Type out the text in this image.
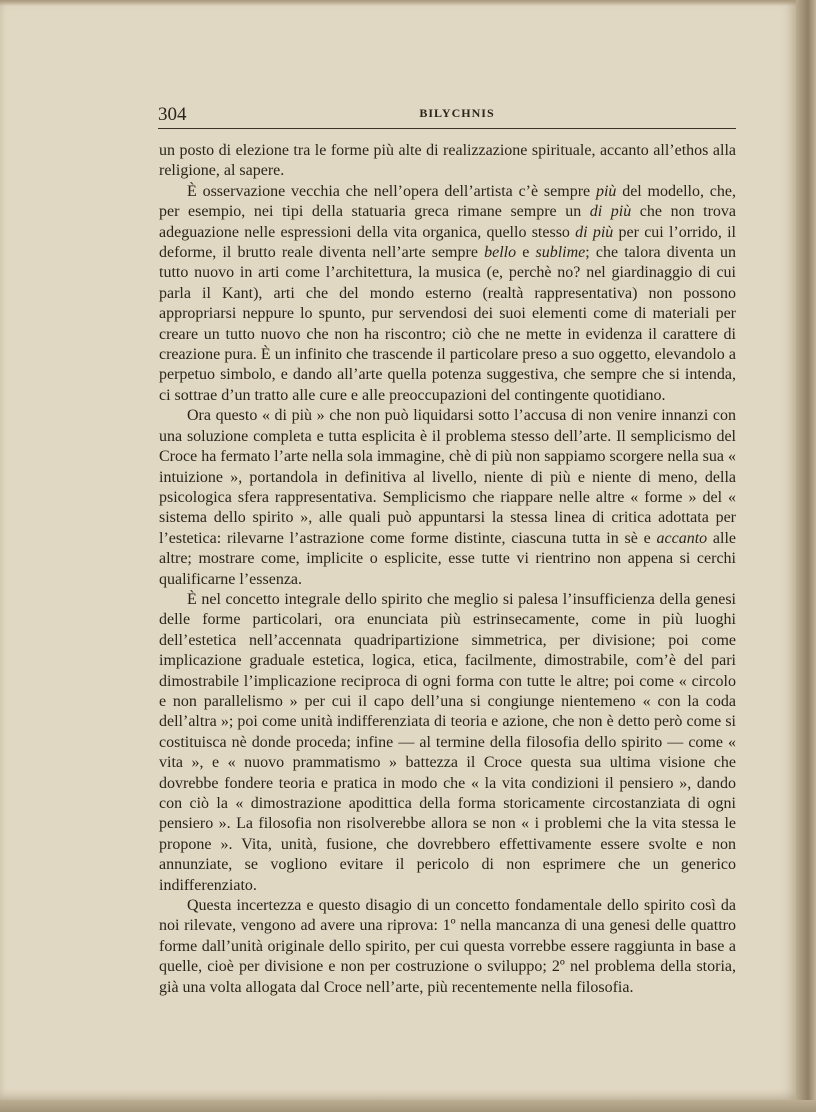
304	BILYCHNIS

un posto di elezione tra le forme più alte di realizzazione spirituale, accanto all’ethos alla religione, al sapere.

È osservazione vecchia che nell’opera dell’artista c’è sempre più del modello, che, per esempio, nei tipi della statuaria greca rimane sempre un di più che non trova adeguazione nelle espressioni della vita organica, quello stesso di più per cui l’orrido, il deforme, il brutto reale diventa nell’arte sempre bello e sublime; che talora diventa un tutto nuovo in arti come l’architettura, la musica (e, perchè no? nel giardinaggio di cui parla il Kant), arti che del mondo esterno (realtà rappresentativa) non possono appropriarsi neppure lo spunto, pur servendosi dei suoi elementi come di materiali per creare un tutto nuovo che non ha riscontro; ciò che ne mette in evidenza il carattere di creazione pura. È un infinito che trascende il particolare preso a suo oggetto, elevandolo a perpetuo simbolo, e dando all’arte quella potenza suggestiva, che sempre che si intenda, ci sottrae d’un tratto alle cure e alle preoccupazioni del contingente quotidiano.

Ora questo « di più » che non può liquidarsi sotto l’accusa di non venire innanzi con una soluzione completa e tutta esplicita è il problema stesso dell’arte. Il semplicismo del Croce ha fermato l’arte nella sola immagine, chè di più non sappiamo scorgere nella sua « intuizione », portandola in definitiva al livello, niente di più e niente di meno, della psicologica sfera rappresentativa. Semplicismo che riappare nelle altre « forme » del « sistema dello spirito », alle quali può appuntarsi la stessa linea di critica adottata per l’estetica: rilevarne l’astrazione come forme distinte, ciascuna tutta in sè e accanto alle altre; mostrare come, implicite o esplicite, esse tutte vi rientrino non appena si cerchi qualificarne l’essenza.

È nel concetto integrale dello spirito che meglio si palesa l’insufficienza della genesi delle forme particolari, ora enunciata più estrinsecamente, come in più luoghi dell’estetica nell’accennata quadripartizione simmetrica, per divisione; poi come implicazione graduale estetica, logica, etica, facilmente, dimostrabile, com’è del pari dimostrabile l’implicazione reciproca di ogni forma con tutte le altre; poi come « circolo e non parallelismo » per cui il capo dell’una si congiunge nientemeno « con la coda dell’altra »; poi come unità indifferenziata di teoria e azione, che non è detto però come si costituisca nè donde proceda; infine — al termine della filosofia dello spirito — come « vita », e « nuovo prammatismo » battezza il Croce questa sua ultima visione che dovrebbe fondere teoria e pratica in modo che « la vita condizioni il pensiero », dando con ciò la « dimostrazione apodittica della forma storicamente circostanziata di ogni pensiero ». La filosofia non risolverebbe allora se non « i problemi che la vita stessa le propone ». Vita, unità, fusione, che dovrebbero effettivamente essere svolte e non annunziate, se vogliono evitare il pericolo di non esprimere che un generico indifferenziato.

Questa incertezza e questo disagio di un concetto fondamentale dello spirito così da noi rilevate, vengono ad avere una riprova: 1º nella mancanza di una genesi delle quattro forme dall’unità originale dello spirito, per cui questa vorrebbe essere raggiunta in base a quelle, cioè per divisione e non per costruzione o sviluppo; 2º nel problema della storia, già una volta allogata dal Croce nell’arte, più recentemente nella filosofia.
